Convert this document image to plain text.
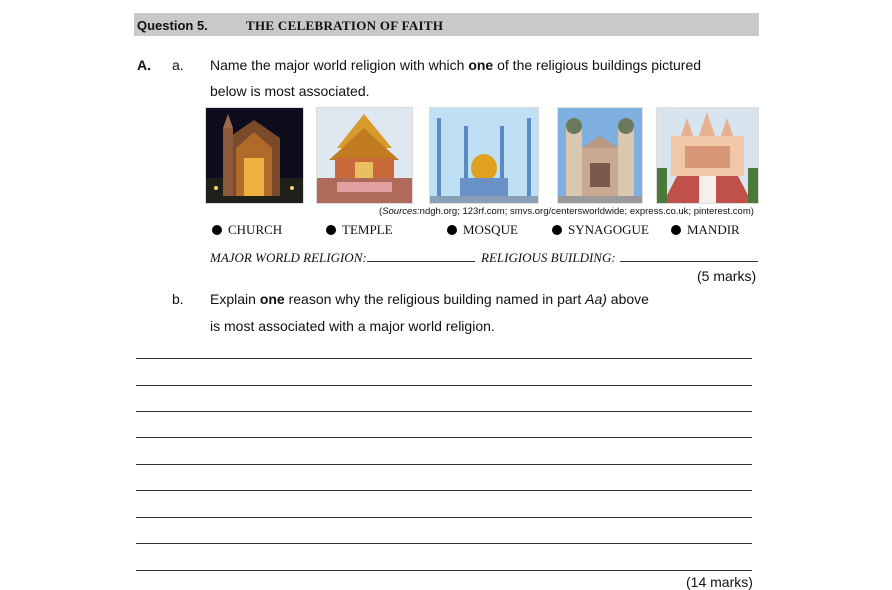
Question 5.	THE CELEBRATION OF FAITH
A. a. Name the major world religion with which one of the religious buildings pictured
below is most associated.
(Sources:ndgh.org; 123rf.com; smvs.org/centersworldwide; express.co.uk; pinterest.com)
CHURCH	TEMPLE	MOSQUE	SYNAGOGUE	MANDIR
MAJOR WORLD RELIGION:	RELIGIOUS BUILDING:
(5 marks)
b. Explain one reason why the religious building named in part Aa) above
is most associated with a major world religion.
(14 marks)
